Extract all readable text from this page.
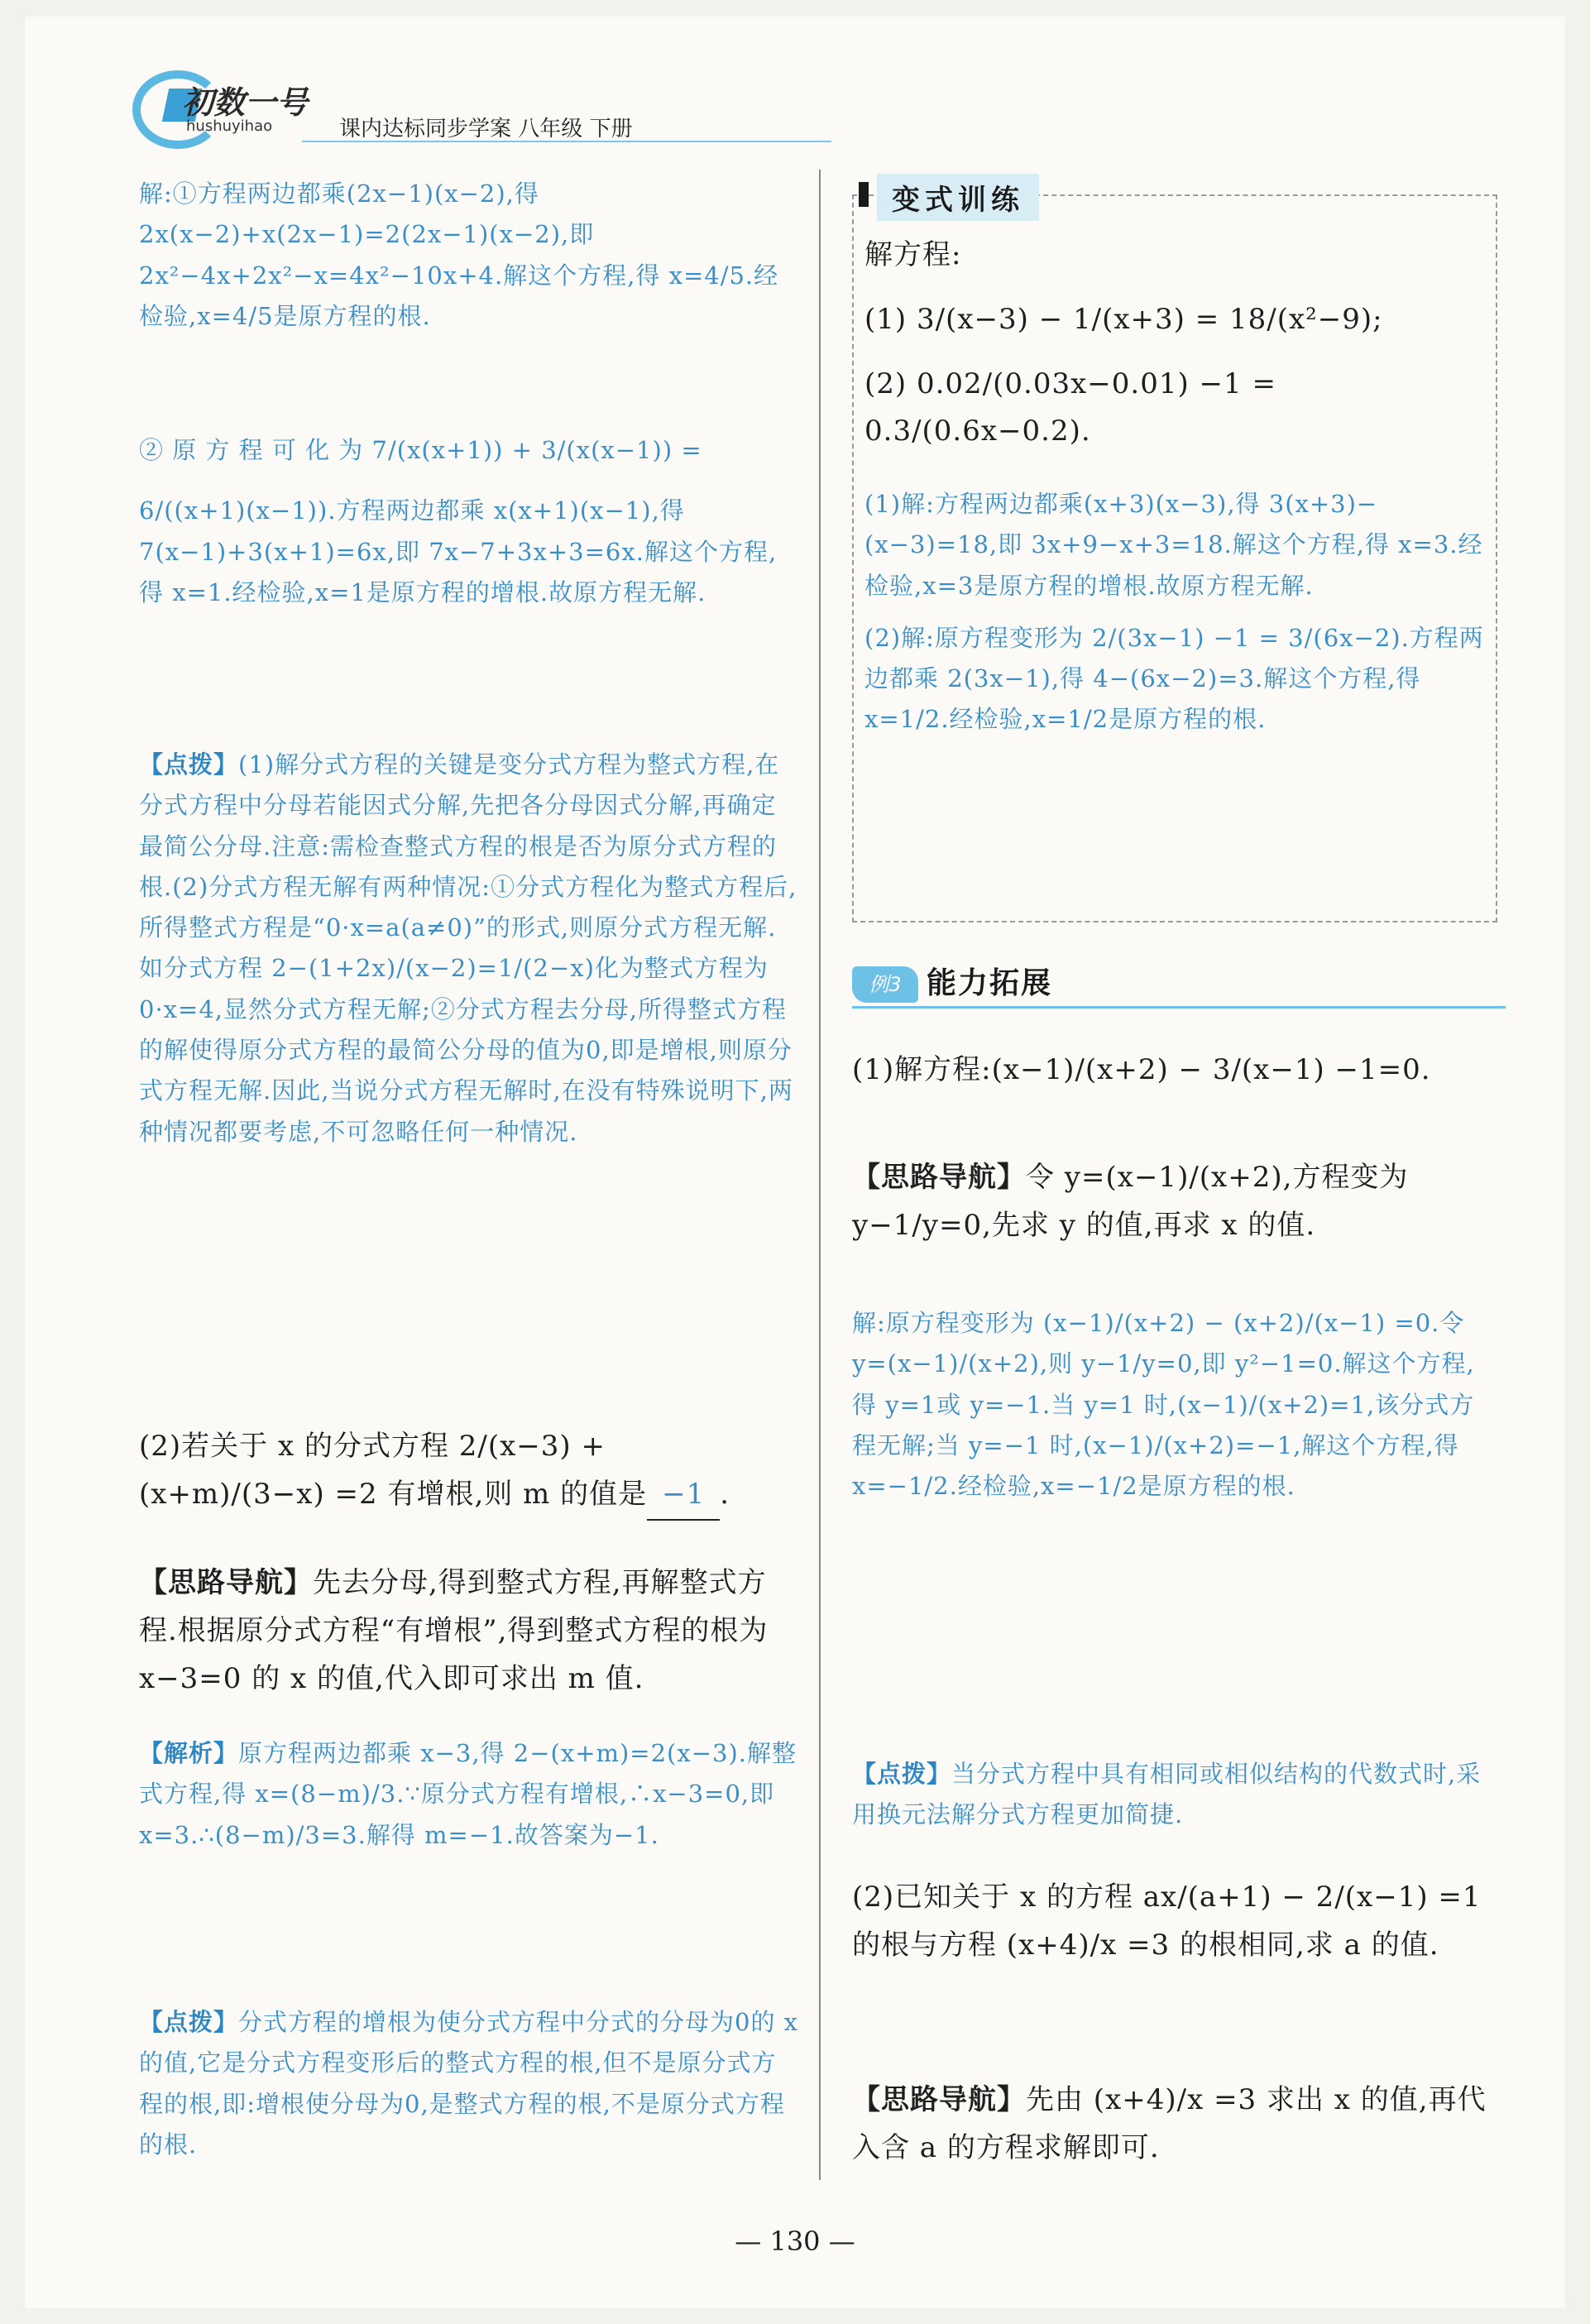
初数一号
hushuyihao	课内达标同步学案 八年级 下册

解:①方程两边都乘(2x−1)(x−2),得 2x(x−2)+x(2x−1)=2(2x−1)(x−2),即 2x²−4x+2x²−x=4x²−10x+4.解这个方程,得 x=4/5.经检验,x=4/5是原方程的根.

② 原 方 程 可 化 为 7/(x(x+1)) + 3/(x(x−1)) =

6/((x+1)(x−1)).方程两边都乘 x(x+1)(x−1),得 7(x−1)+3(x+1)=6x,即 7x−7+3x+3=6x.解这个方程,得 x=1.经检验,x=1是原方程的增根.故原方程无解.

【点拨】(1)解分式方程的关键是变分式方程为整式方程,在分式方程中分母若能因式分解,先把各分母因式分解,再确定最简公分母.注意:需检查整式方程的根是否为原分式方程的根.(2)分式方程无解有两种情况:①分式方程化为整式方程后,所得整式方程是“0·x=a(a≠0)”的形式,则原分式方程无解.如分式方程 2−(1+2x)/(x−2)=1/(2−x)化为整式方程为0·x=4,显然分式方程无解;②分式方程去分母,所得整式方程的解使得原分式方程的最简公分母的值为0,即是增根,则原分式方程无解.因此,当说分式方程无解时,在没有特殊说明下,两种情况都要考虑,不可忽略任何一种情况.

(2)若关于 x 的分式方程 2/(x−3) + (x+m)/(3−x) =2 有增根,则 m 的值是 −1 .

【思路导航】先去分母,得到整式方程,再解整式方程.根据原分式方程“有增根”,得到整式方程的根为 x−3=0 的 x 的值,代入即可求出 m 值.

【解析】原方程两边都乘 x−3,得 2−(x+m)=2(x−3).解整式方程,得 x=(8−m)/3.∵原分式方程有增根,∴x−3=0,即x=3.∴(8−m)/3=3.解得 m=−1.故答案为−1.

【点拨】分式方程的增根为使分式方程中分式的分母为0的 x 的值,它是分式方程变形后的整式方程的根,但不是原分式方程的根,即:增根使分母为0,是整式方程的根,不是原分式方程的根.

变式训练

解方程:

(1) 3/(x−3) − 1/(x+3) = 18/(x²−9);

(2) 0.02/(0.03x−0.01) −1 = 0.3/(0.6x−0.2).

(1)解:方程两边都乘(x+3)(x−3),得 3(x+3)−(x−3)=18,即 3x+9−x+3=18.解这个方程,得 x=3.经检验,x=3是原方程的增根.故原方程无解.

(2)解:原方程变形为 2/(3x−1) −1 = 3/(6x−2).方程两边都乘 2(3x−1),得 4−(6x−2)=3.解这个方程,得 x=1/2.经检验,x=1/2是原方程的根.

例3 能力拓展

(1)解方程:(x−1)/(x+2) − 3/(x−1) −1=0.

【思路导航】令 y=(x−1)/(x+2),方程变为 y−1/y=0,先求 y 的值,再求 x 的值.

解:原方程变形为 (x−1)/(x+2) − (x+2)/(x−1) =0.令 y=(x−1)/(x+2),则 y−1/y=0,即 y²−1=0.解这个方程,得 y=1或 y=−1.当 y=1 时,(x−1)/(x+2)=1,该分式方程无解;当 y=−1 时,(x−1)/(x+2)=−1,解这个方程,得 x=−1/2.经检验,x=−1/2是原方程的根.

【点拨】当分式方程中具有相同或相似结构的代数式时,采用换元法解分式方程更加简捷.

(2)已知关于 x 的方程 ax/(a+1) − 2/(x−1) =1 的根与方程 (x+4)/x =3 的根相同,求 a 的值.

【思路导航】先由 (x+4)/x =3 求出 x 的值,再代入含 a 的方程求解即可.

— 130 —
